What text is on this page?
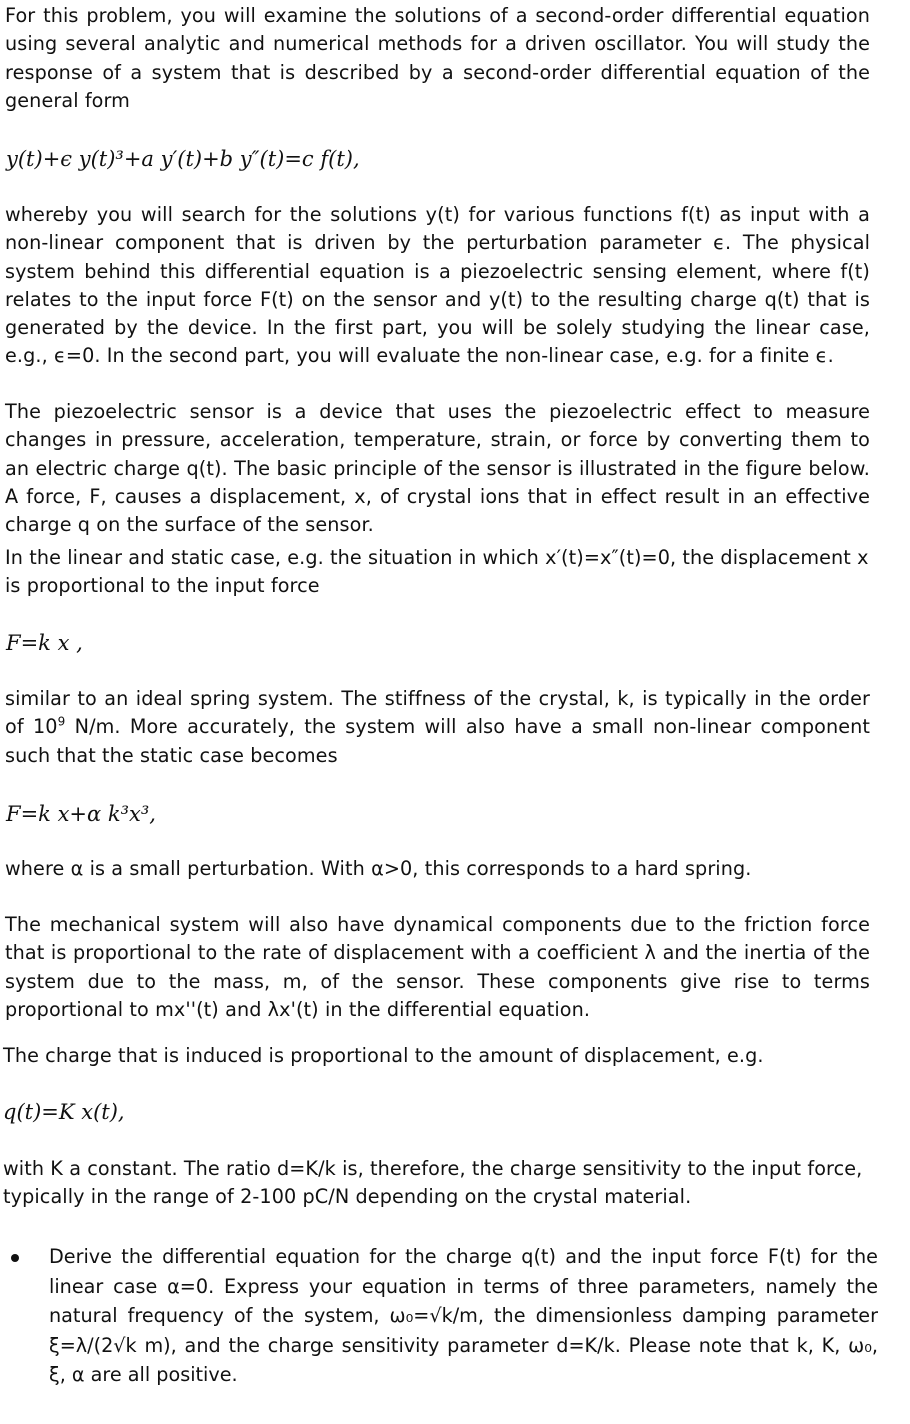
For this problem, you will examine the solutions of a second-order differential equation using several analytic and numerical methods for a driven oscillator. You will study the response of a system that is described by a second-order differential equation of the general form

y(t)+ϵ y(t)³+a y′(t)+b y″(t)=c f(t),

whereby you will search for the solutions y(t) for various functions f(t) as input with a non-linear component that is driven by the perturbation parameter ϵ. The physical system behind this differential equation is a piezoelectric sensing element, where f(t) relates to the input force F(t) on the sensor and y(t) to the resulting charge q(t) that is generated by the device. In the first part, you will be solely studying the linear case, e.g., ϵ=0. In the second part, you will evaluate the non-linear case, e.g. for a finite ϵ.

The piezoelectric sensor is a device that uses the piezoelectric effect to measure changes in pressure, acceleration, temperature, strain, or force by converting them to an electric charge q(t). The basic principle of the sensor is illustrated in the figure below. A force, F, causes a displacement, x, of crystal ions that in effect result in an effective charge q on the surface of the sensor.

In the linear and static case, e.g. the situation in which x′(t)=x″(t)=0, the displacement x is proportional to the input force

F=k x ,

similar to an ideal spring system. The stiffness of the crystal, k, is typically in the order of $10^9$ N/m. More accurately, the system will also have a small non-linear component such that the static case becomes

F=k x+α k³x³,

where α is a small perturbation. With α>0, this corresponds to a hard spring.

The mechanical system will also have dynamical components due to the friction force that is proportional to the rate of displacement with a coefficient λ and the inertia of the system due to the mass, m, of the sensor. These components give rise to terms proportional to mx''(t) and λx'(t) in the differential equation.

The charge that is induced is proportional to the amount of displacement, e.g.

q(t)=K x(t),

with K a constant. The ratio d=K/k is, therefore, the charge sensitivity to the input force, typically in the range of 2-100 pC/N depending on the crystal material.

Derive the differential equation for the charge q(t) and the input force F(t) for the linear case α=0. Express your equation in terms of three parameters, namely the natural frequency of the system, ω₀=√k/m, the dimensionless damping parameter ξ=λ/(2√k m), and the charge sensitivity parameter d=K/k. Please note that k, K, ω₀, ξ, α are all positive.
